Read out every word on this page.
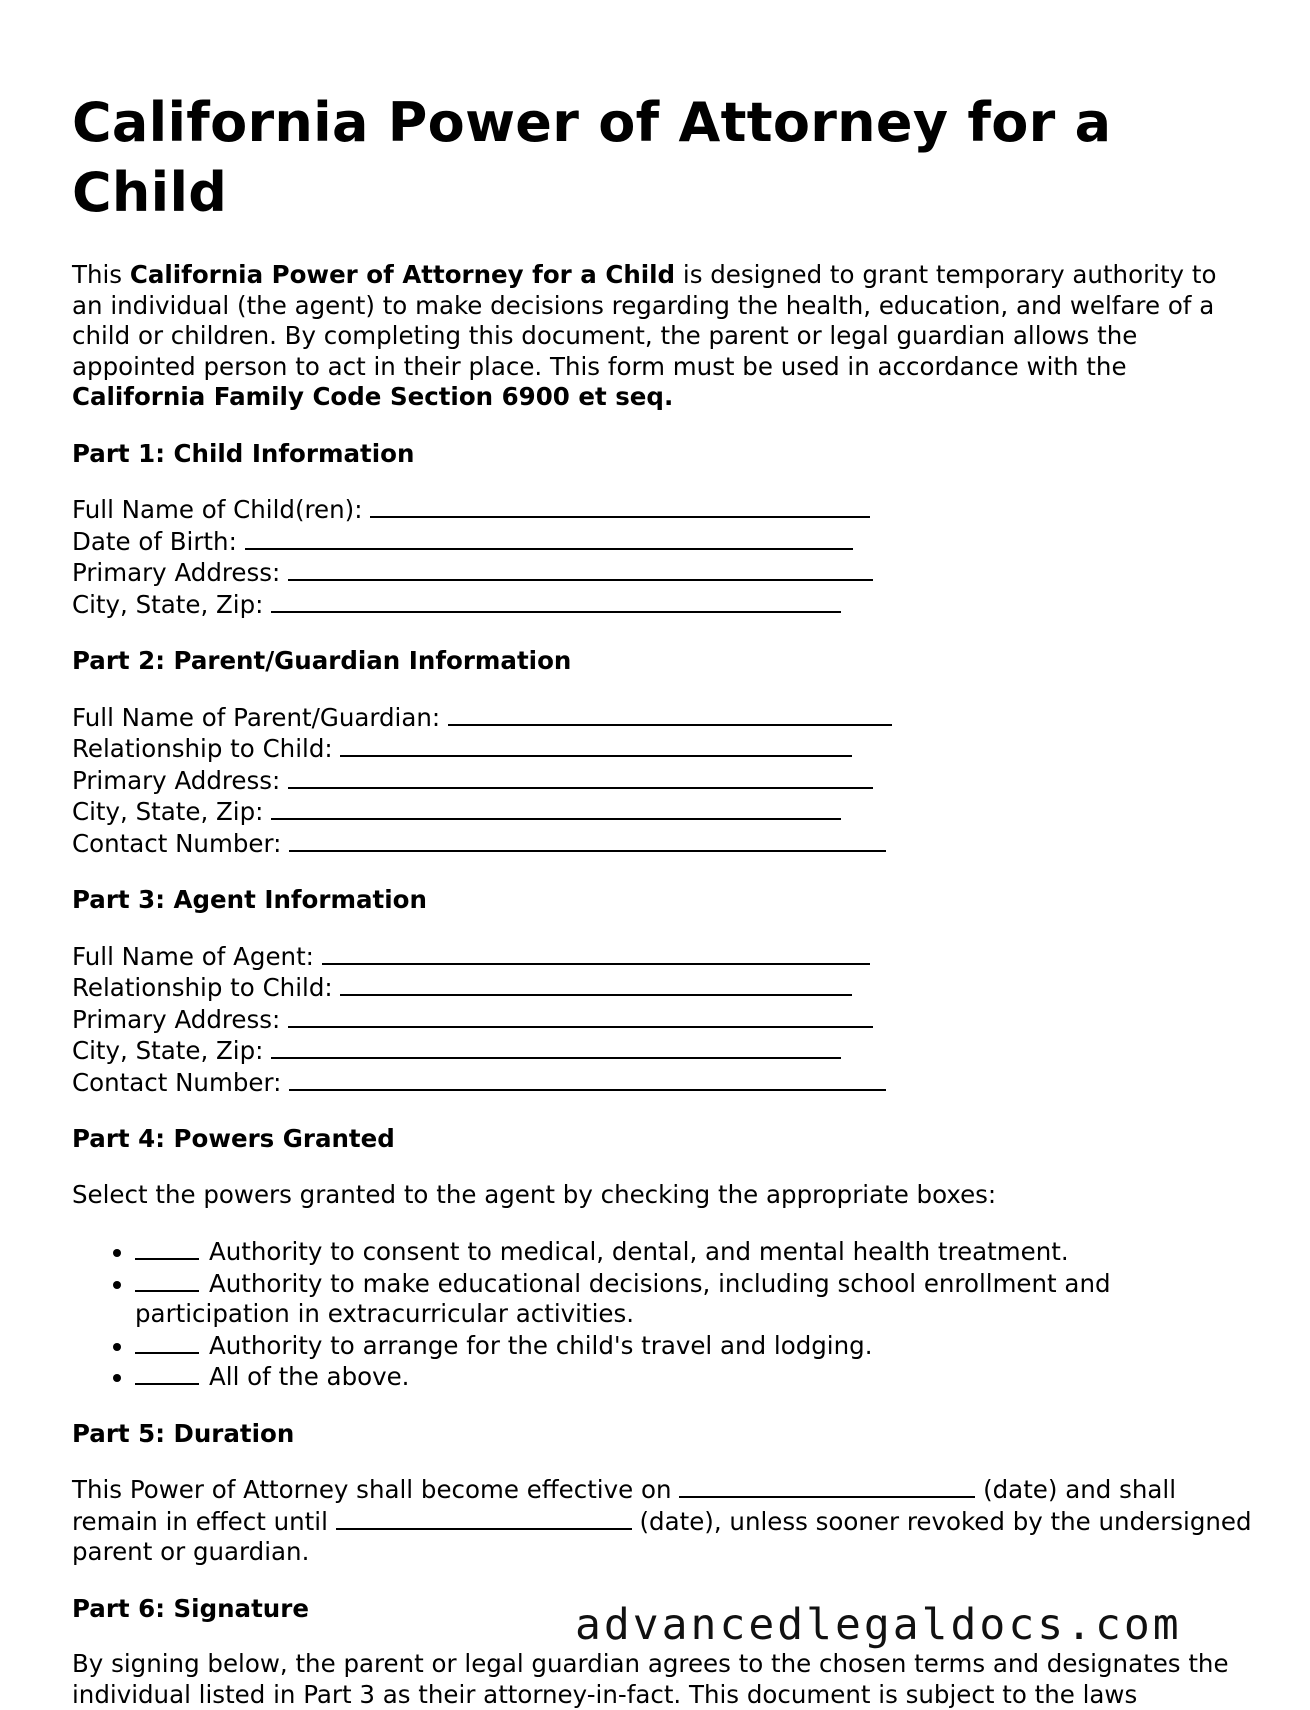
California Power of Attorney for a Child

This California Power of Attorney for a Child is designed to grant temporary authority to an individual (the agent) to make decisions regarding the health, education, and welfare of a child or children. By completing this document, the parent or legal guardian allows the appointed person to act in their place. This form must be used in accordance with the California Family Code Section 6900 et seq.

Part 1: Child Information
Full Name of Child(ren):
Date of Birth:
Primary Address:
City, State, Zip:
Part 2: Parent/Guardian Information
Full Name of Parent/Guardian:
Relationship to Child:
Primary Address:
City, State, Zip:
Contact Number:
Part 3: Agent Information
Full Name of Agent:
Relationship to Child:
Primary Address:
City, State, Zip:
Contact Number:
Part 4: Powers Granted

Select the powers granted to the agent by checking the appropriate boxes:

• Authority to consent to medical, dental, and mental health treatment.
• Authority to make educational decisions, including school enrollment and participation in extracurricular activities.
• Authority to arrange for the child's travel and lodging.
• All of the above.
Part 5: Duration

This Power of Attorney shall become effective on	(date) and shall remain in effect until	(date), unless sooner revoked by the undersigned parent or guardian.

Part 6: Signature

By signing below, the parent or legal guardian agrees to the chosen terms and designates the individual listed in Part 3 as their attorney-in-fact. This document is subject to the laws

advancedlegaldocs.com
